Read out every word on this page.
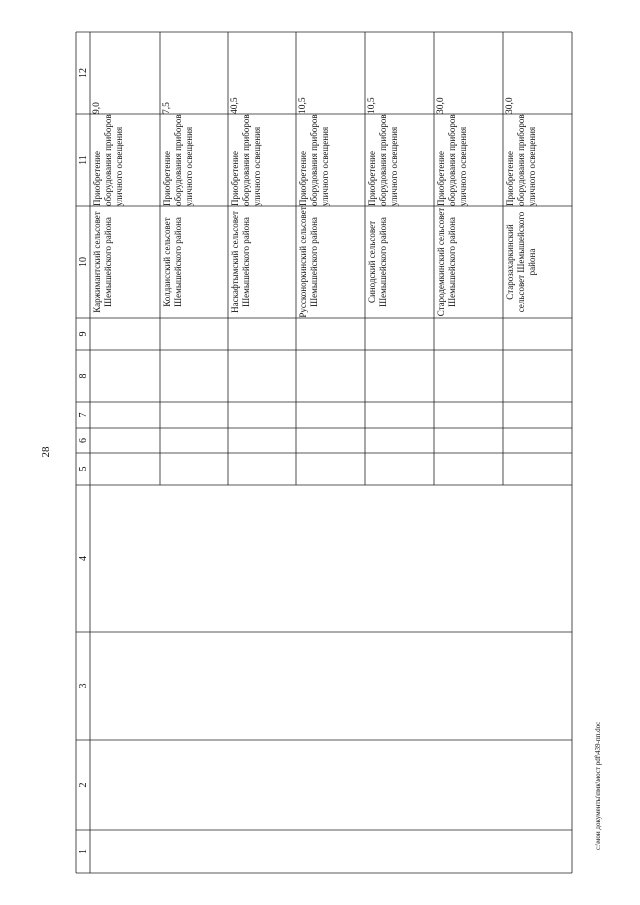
28
1
2
3
4
5
6
7
8
9
10
11
12
Каржимантский сельсовет Шемышейского района
Приобретение оборудования приборов уличного освещения
9,0
Колдаисский сельсовет Шемышейского района
Приобретение оборудования приборов уличного освещения
7,5
Наскафтымский сельсовет Шемышейского района
Приобретение оборудования приборов уличного освещения
40,5
Руссконоркинский сельсовет Шемышейского района
Приобретение оборудования приборов уличного освещения
10,5
Синодский сельсовет Шемышейского района
Приобретение оборудования приборов уличного освещения
10,5
Стародемкинский сельсовет Шемышейского района
Приобретение оборудования приборов уличного освещения
30,0
Старозахаркинский сельсовет Шемышейского района
Приобретение оборудования приборов уличного освещения
30,0
c:\мои документы\пмк\мост pdf\439-пп.doc
